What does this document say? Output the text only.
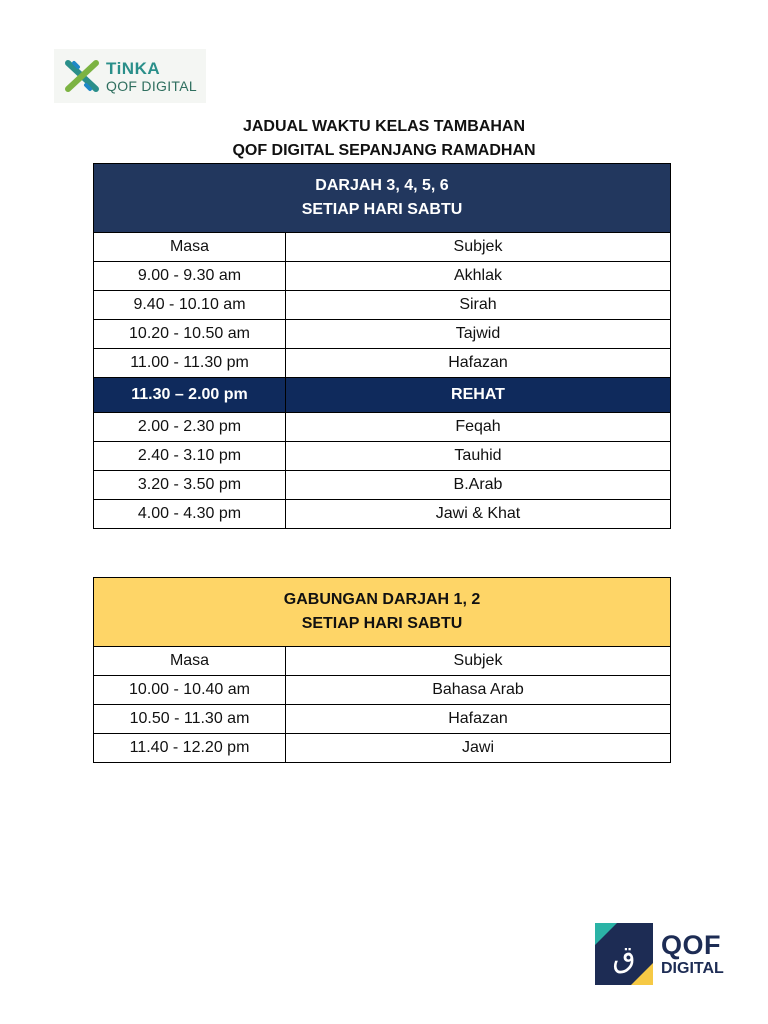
TiNKA
QOF DIGITAL
JADUAL WAKTU KELAS TAMBAHAN
QOF DIGITAL SEPANJANG RAMADHAN
DARJAH 3, 4, 5, 6
SETIAP HARI SABTU
Masa	Subjek
9.00 - 9.30 am	Akhlak
9.40 - 10.10 am	Sirah
10.20 - 10.50 am	Tajwid
11.00 - 11.30 pm	Hafazan
11.30 – 2.00 pm	REHAT
2.00 - 2.30 pm	Feqah
2.40 - 3.10 pm	Tauhid
3.20 - 3.50 pm	B.Arab
4.00 - 4.30 pm	Jawi & Khat
GABUNGAN DARJAH 1, 2
SETIAP HARI SABTU
Masa	Subjek
10.00 - 10.40 am	Bahasa Arab
10.50 - 11.30 am	Hafazan
11.40 - 12.20 pm	Jawi
ق QOF
DIGITAL
